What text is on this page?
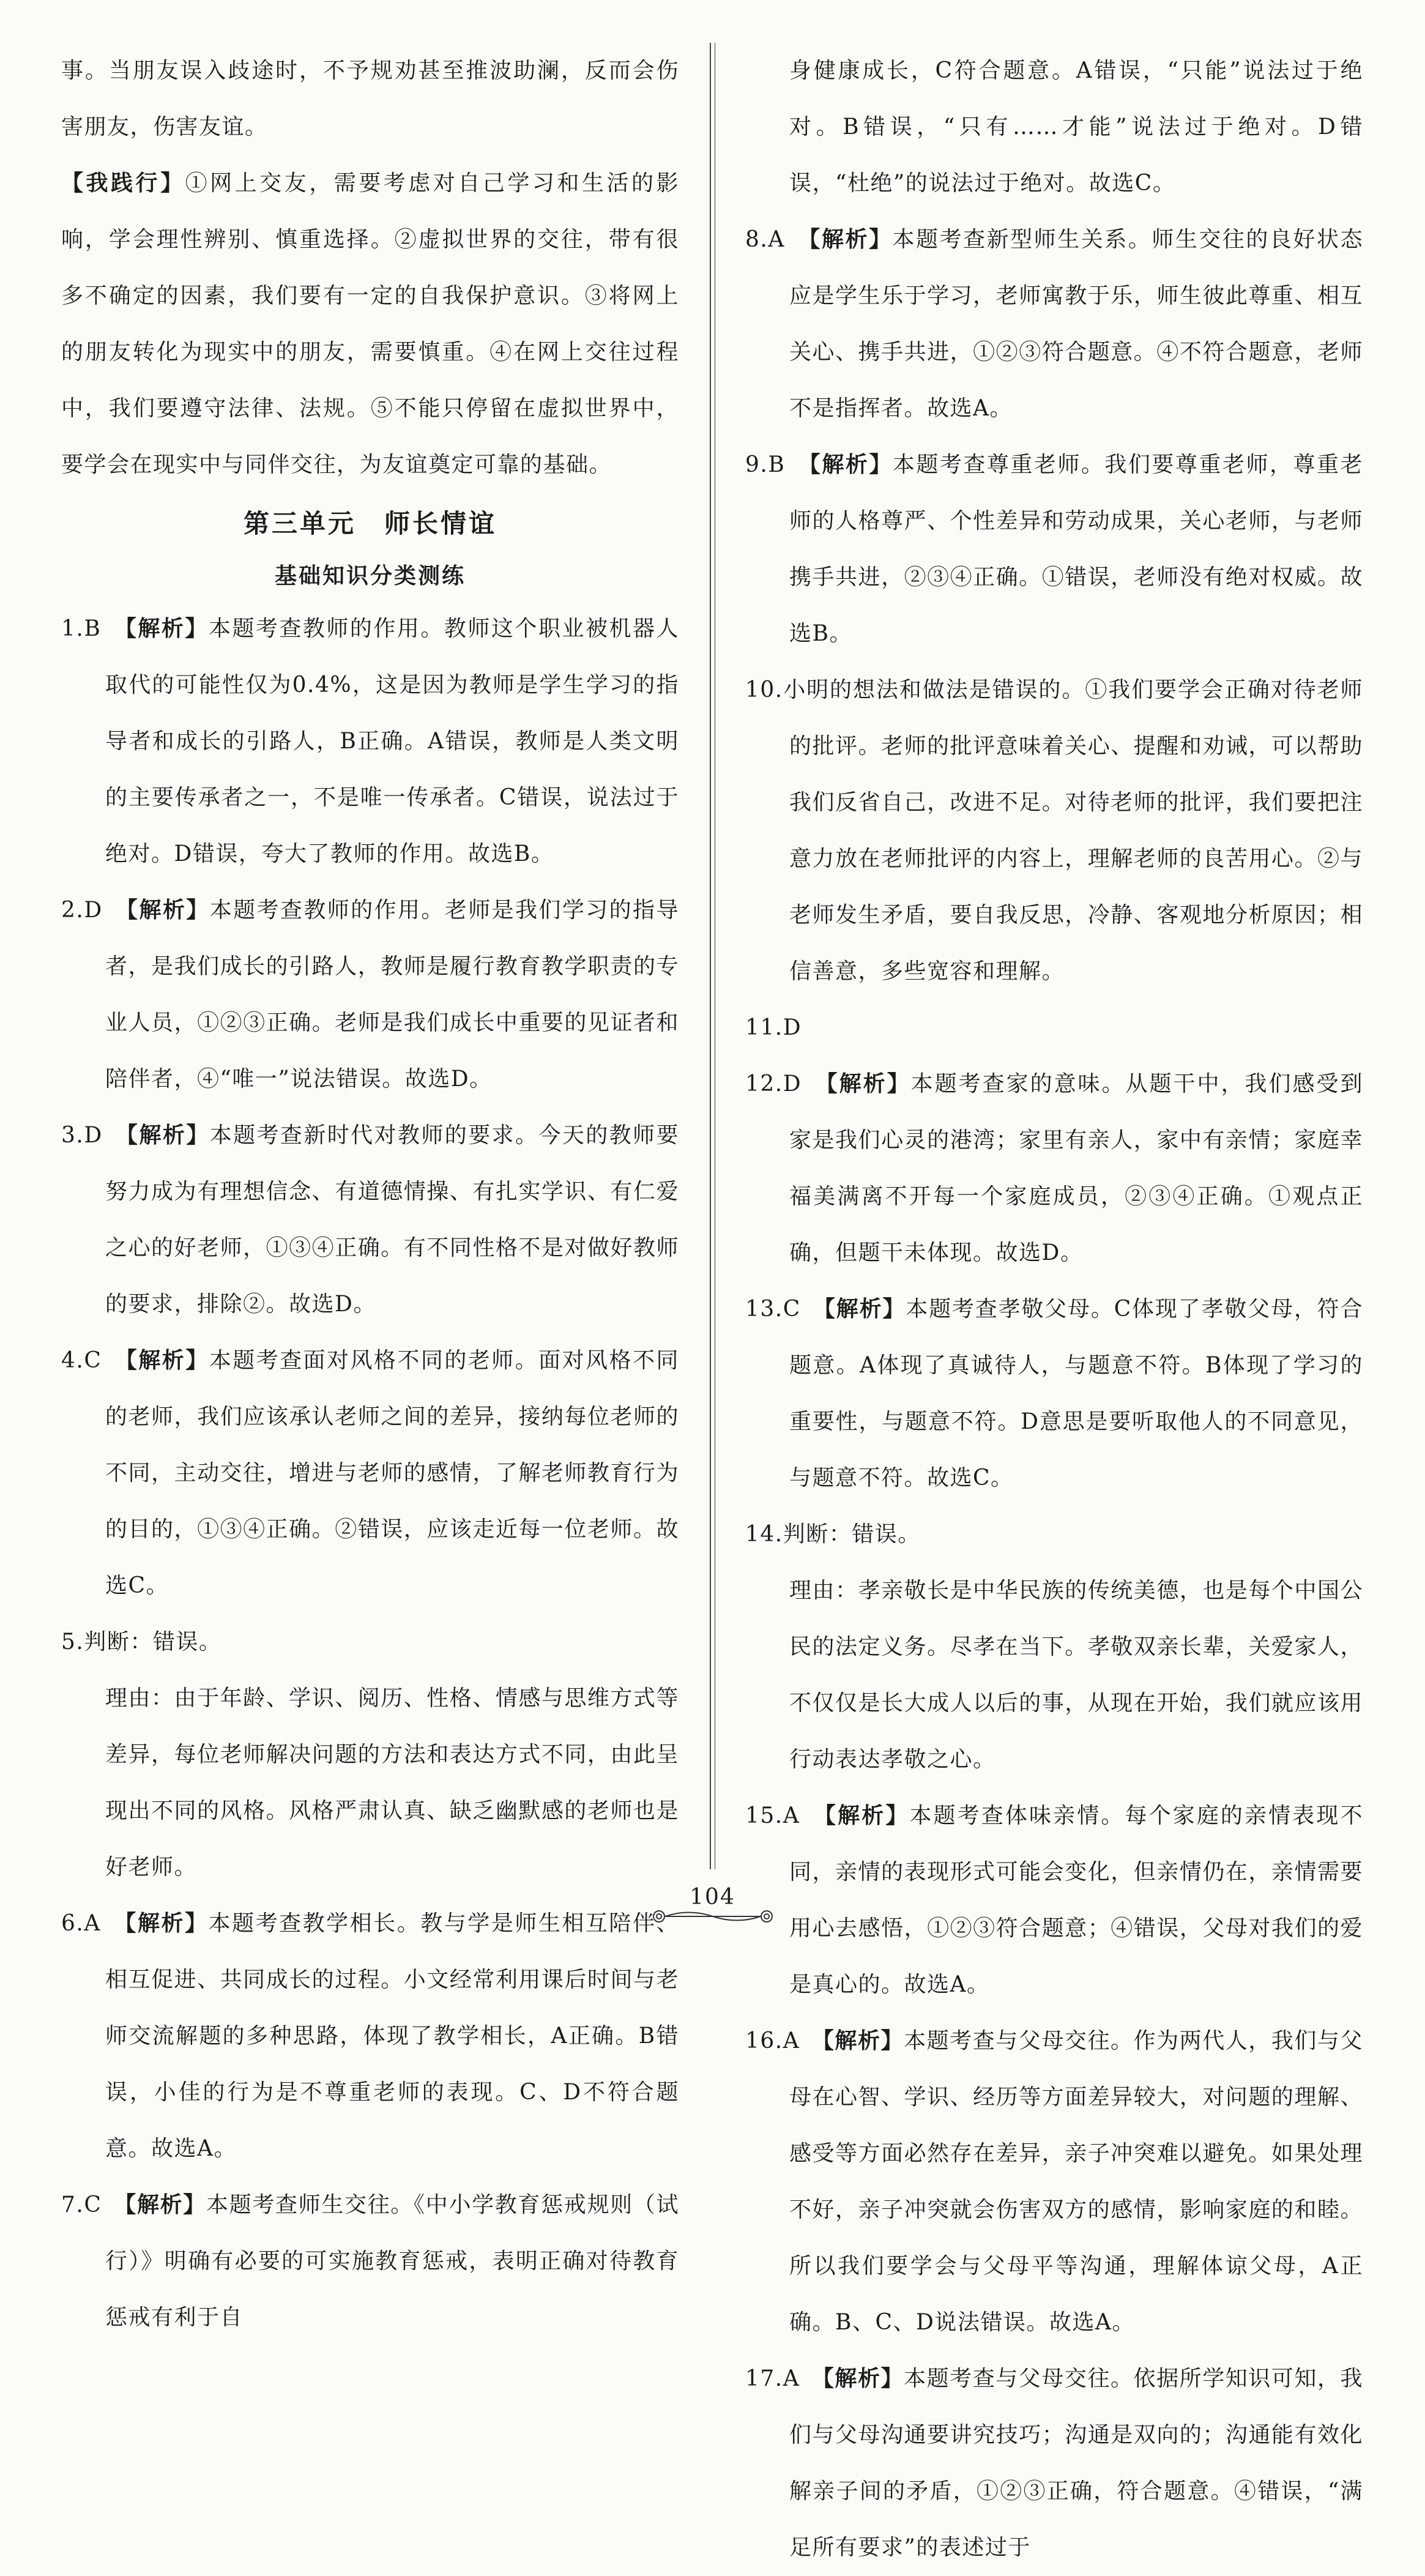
事。当朋友误入歧途时，不予规劝甚至推波助澜，反而会伤害朋友，伤害友谊。

【我践行】①网上交友，需要考虑对自己学习和生活的影响，学会理性辨别、慎重选择。②虚拟世界的交往，带有很多不确定的因素，我们要有一定的自我保护意识。③将网上的朋友转化为现实中的朋友，需要慎重。④在网上交往过程中，我们要遵守法律、法规。⑤不能只停留在虚拟世界中，要学会在现实中与同伴交往，为友谊奠定可靠的基础。

第三单元　师长情谊
基础知识分类测练

1.B　 【解析】本题考查教师的作用。教师这个职业被机器人取代的可能性仅为0.4%，这是因为教师是学生学习的指导者和成长的引路人，B正确。A错误，教师是人类文明的主要传承者之一，不是唯一传承者。C错误，说法过于绝对。D错误，夸大了教师的作用。故选B。

2.D　 【解析】本题考查教师的作用。老师是我们学习的指导者，是我们成长的引路人，教师是履行教育教学职责的专业人员，①②③正确。老师是我们成长中重要的见证者和陪伴者，④“唯一”说法错误。故选D。

3.D　 【解析】本题考查新时代对教师的要求。今天的教师要努力成为有理想信念、有道德情操、有扎实学识、有仁爱之心的好老师，①③④正确。有不同性格不是对做好教师的要求，排除②。故选D。

4.C　 【解析】本题考查面对风格不同的老师。面对风格不同的老师，我们应该承认老师之间的差异，接纳每位老师的不同，主动交往，增进与老师的感情，了解老师教育行为的目的，①③④正确。②错误，应该走近每一位老师。故选C。

5.判断：错误。

理由：由于年龄、学识、阅历、性格、情感与思维方式等差异，每位老师解决问题的方法和表达方式不同，由此呈现出不同的风格。风格严肃认真、缺乏幽默感的老师也是好老师。

6.A　 【解析】本题考查教学相长。教与学是师生相互陪伴、相互促进、共同成长的过程。小文经常利用课后时间与老师交流解题的多种思路，体现了教学相长，A正确。B错误，小佳的行为是不尊重老师的表现。C、D不符合题意。故选A。

7.C　 【解析】本题考查师生交往。《中小学教育惩戒规则（试行）》明确有必要的可实施教育惩戒，表明正确对待教育惩戒有利于自

身健康成长，C符合题意。A错误，“只能”说法过于绝对。B错误，“只有……才能”说法过于绝对。D错误，“杜绝”的说法过于绝对。故选C。

8.A　 【解析】本题考查新型师生关系。师生交往的良好状态应是学生乐于学习，老师寓教于乐，师生彼此尊重、相互关心、携手共进，①②③符合题意。④不符合题意，老师不是指挥者。故选A。

9.B　 【解析】本题考查尊重老师。我们要尊重老师，尊重老师的人格尊严、个性差异和劳动成果，关心老师，与老师携手共进，②③④正确。①错误，老师没有绝对权威。故选B。

10.小明的想法和做法是错误的。①我们要学会正确对待老师的批评。老师的批评意味着关心、提醒和劝诫，可以帮助我们反省自己，改进不足。对待老师的批评，我们要把注意力放在老师批评的内容上，理解老师的良苦用心。②与老师发生矛盾，要自我反思，冷静、客观地分析原因；相信善意，多些宽容和理解。

11.D

12.D　 【解析】本题考查家的意味。从题干中，我们感受到家是我们心灵的港湾；家里有亲人，家中有亲情；家庭幸福美满离不开每一个家庭成员，②③④正确。①观点正确，但题干未体现。故选D。

13.C　 【解析】本题考查孝敬父母。C体现了孝敬父母，符合题意。A体现了真诚待人，与题意不符。B体现了学习的重要性，与题意不符。D意思是要听取他人的不同意见，与题意不符。故选C。

14.判断：错误。

理由：孝亲敬长是中华民族的传统美德，也是每个中国公民的法定义务。尽孝在当下。孝敬双亲长辈，关爱家人，不仅仅是长大成人以后的事，从现在开始，我们就应该用行动表达孝敬之心。

15.A　 【解析】本题考查体味亲情。每个家庭的亲情表现不同，亲情的表现形式可能会变化，但亲情仍在，亲情需要用心去感悟，①②③符合题意；④错误，父母对我们的爱是真心的。故选A。

16.A　 【解析】本题考查与父母交往。作为两代人，我们与父母在心智、学识、经历等方面差异较大，对问题的理解、感受等方面必然存在差异，亲子冲突难以避免。如果处理不好，亲子冲突就会伤害双方的感情，影响家庭的和睦。所以我们要学会与父母平等沟通，理解体谅父母，A正确。B、C、D说法错误。故选A。

17.A　 【解析】本题考查与父母交往。依据所学知识可知，我们与父母沟通要讲究技巧；沟通是双向的；沟通能有效化解亲子间的矛盾，①②③正确，符合题意。④错误，“满足所有要求”的表述过于

104
